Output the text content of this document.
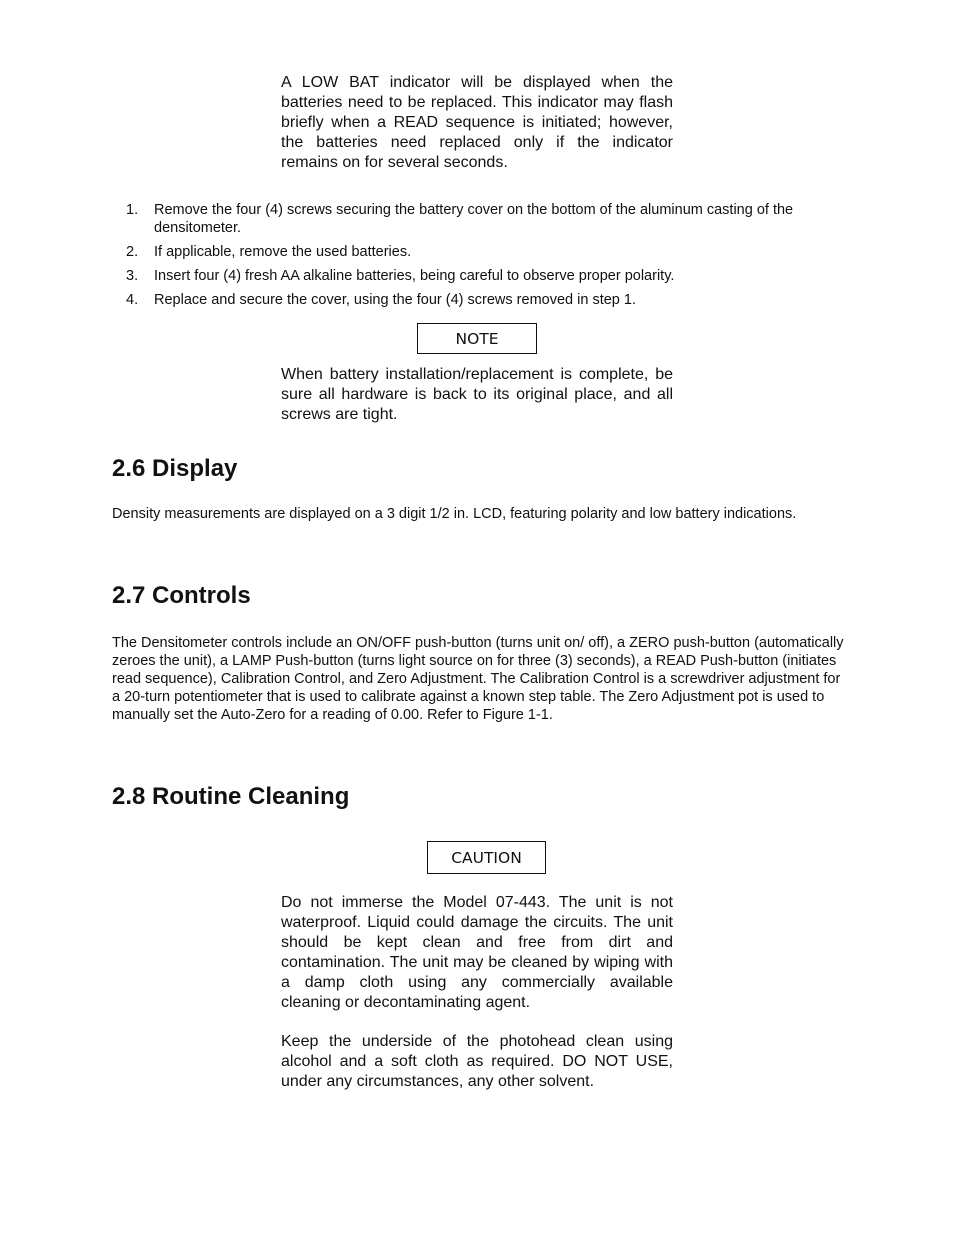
A LOW BAT indicator will be displayed when the batteries need to be replaced. This indicator may flash briefly when a READ sequence is initiated; however, the batteries need replaced only if the indicator remains on for several seconds.

1. Remove the four (4) screws securing the battery cover on the bottom of the aluminum casting of the densitometer.
2. If applicable, remove the used batteries.
3. Insert four (4) fresh AA alkaline batteries, being careful to observe proper polarity.
4. Replace and secure the cover, using the four (4) screws removed in step 1.
NOTE

When battery installation/replacement is complete, be sure all hardware is back to its original place, and all screws are tight.

2.6 Display

Density measurements are displayed on a 3 digit 1/2 in. LCD, featuring polarity and low battery indications.

2.7 Controls

The Densitometer controls include an ON/OFF push-button (turns unit on/ off), a ZERO push-button (automatically zeroes the unit), a LAMP Push-button (turns light source on for three (3) seconds), a READ Push-button (initiates read sequence), Calibration Control, and Zero Adjustment. The Calibration Control is a screwdriver adjustment for a 20-turn potentiometer that is used to calibrate against a known step table. The Zero Adjustment pot is used to manually set the Auto-Zero for a reading of 0.00. Refer to Figure 1-1.

2.8 Routine Cleaning
CAUTION

Do not immerse the Model 07-443. The unit is not waterproof. Liquid could damage the circuits. The unit should be kept clean and free from dirt and contamination. The unit may be cleaned by wiping with a damp cloth using any commercially available cleaning or decontaminating agent.

Keep the underside of the photohead clean using alcohol and a soft cloth as required. DO NOT USE, under any circumstances, any other solvent.
